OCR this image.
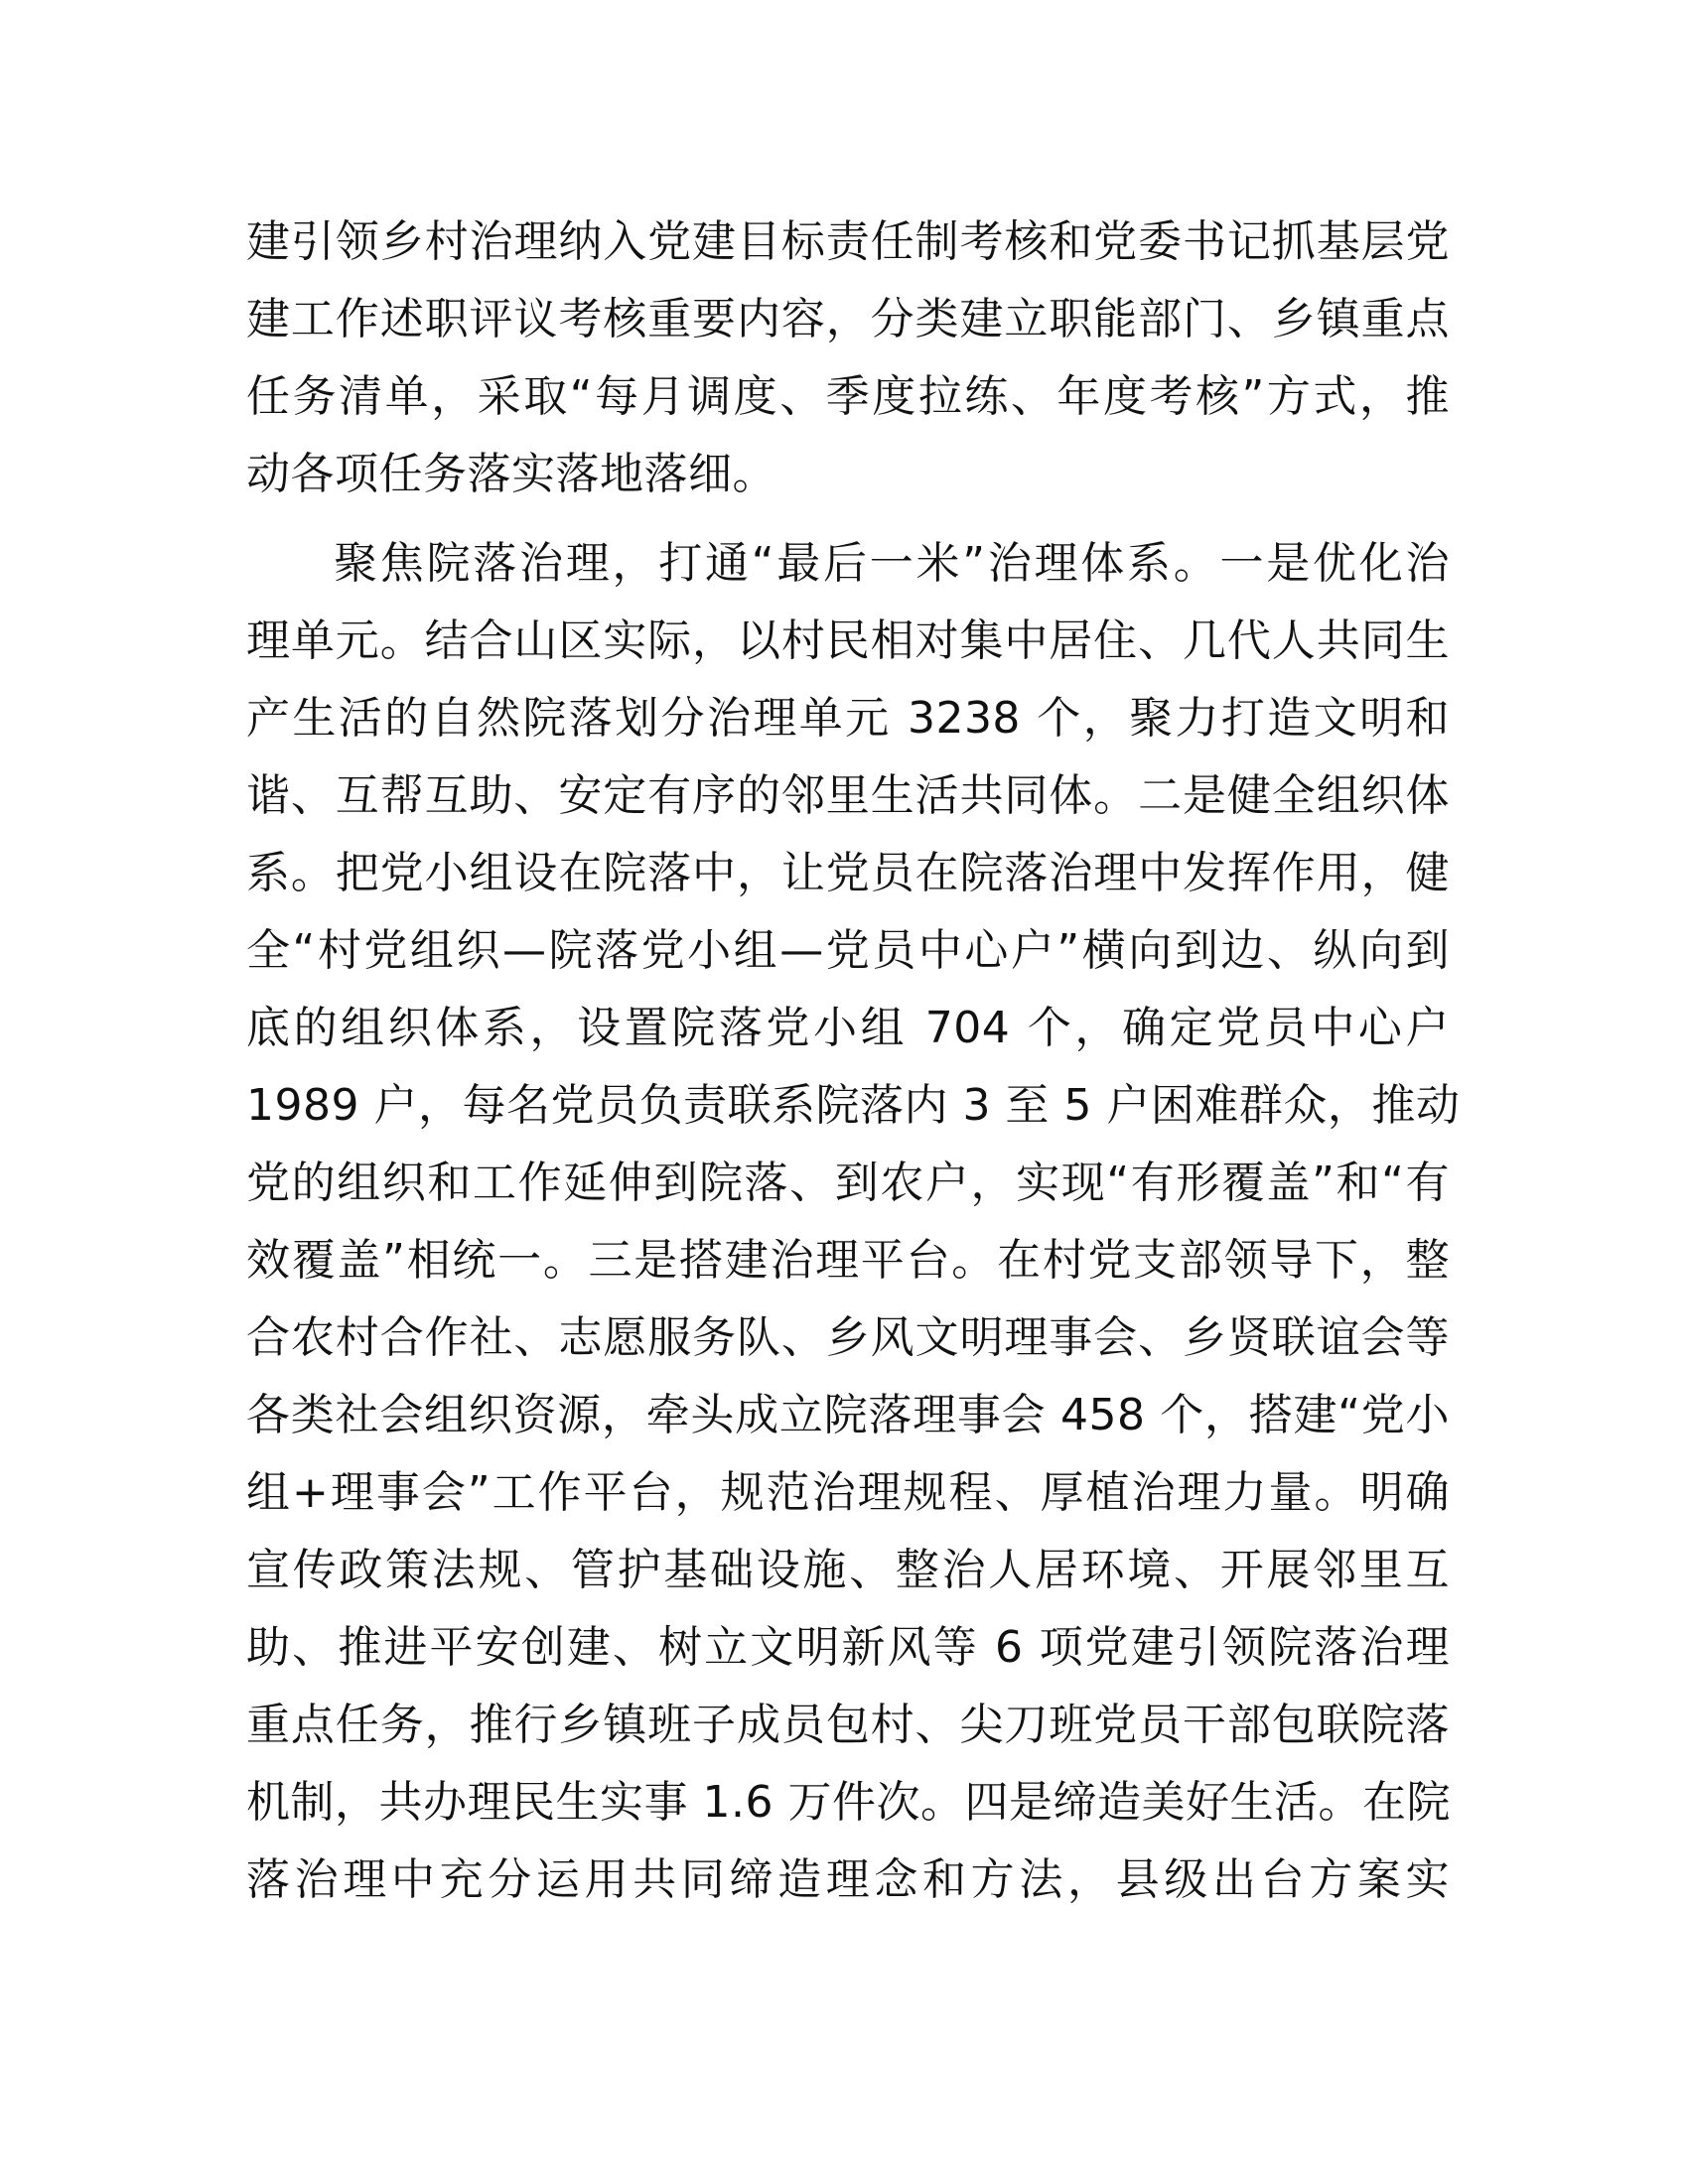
建引领乡村治理纳入党建目标责任制考核和党委书记抓基层党
建工作述职评议考核重要内容，分类建立职能部门、乡镇重点
任务清单，采取“每月调度、季度拉练、年度考核”方式，推
动各项任务落实落地落细。
聚焦院落治理，打通“最后一米”治理体系。一是优化治
理单元。结合山区实际，以村民相对集中居住、几代人共同生
产生活的自然院落划分治理单元 3238 个，聚力打造文明和
谐、互帮互助、安定有序的邻里生活共同体。二是健全组织体
系。把党小组设在院落中，让党员在院落治理中发挥作用，健
全“村党组织—院落党小组—党员中心户”横向到边、纵向到
底的组织体系，设置院落党小组 704 个，确定党员中心户
1989 户，每名党员负责联系院落内 3 至 5 户困难群众，推动
党的组织和工作延伸到院落、到农户，实现“有形覆盖”和“有
效覆盖”相统一。三是搭建治理平台。在村党支部领导下，整
合农村合作社、志愿服务队、乡风文明理事会、乡贤联谊会等
各类社会组织资源，牵头成立院落理事会 458 个，搭建“党小
组+理事会”工作平台，规范治理规程、厚植治理力量。明确
宣传政策法规、管护基础设施、整治人居环境、开展邻里互
助、推进平安创建、树立文明新风等 6 项党建引领院落治理
重点任务，推行乡镇班子成员包村、尖刀班党员干部包联院落
机制，共办理民生实事 1.6 万件次。四是缔造美好生活。在院
落治理中充分运用共同缔造理念和方法，县级出台方案实
